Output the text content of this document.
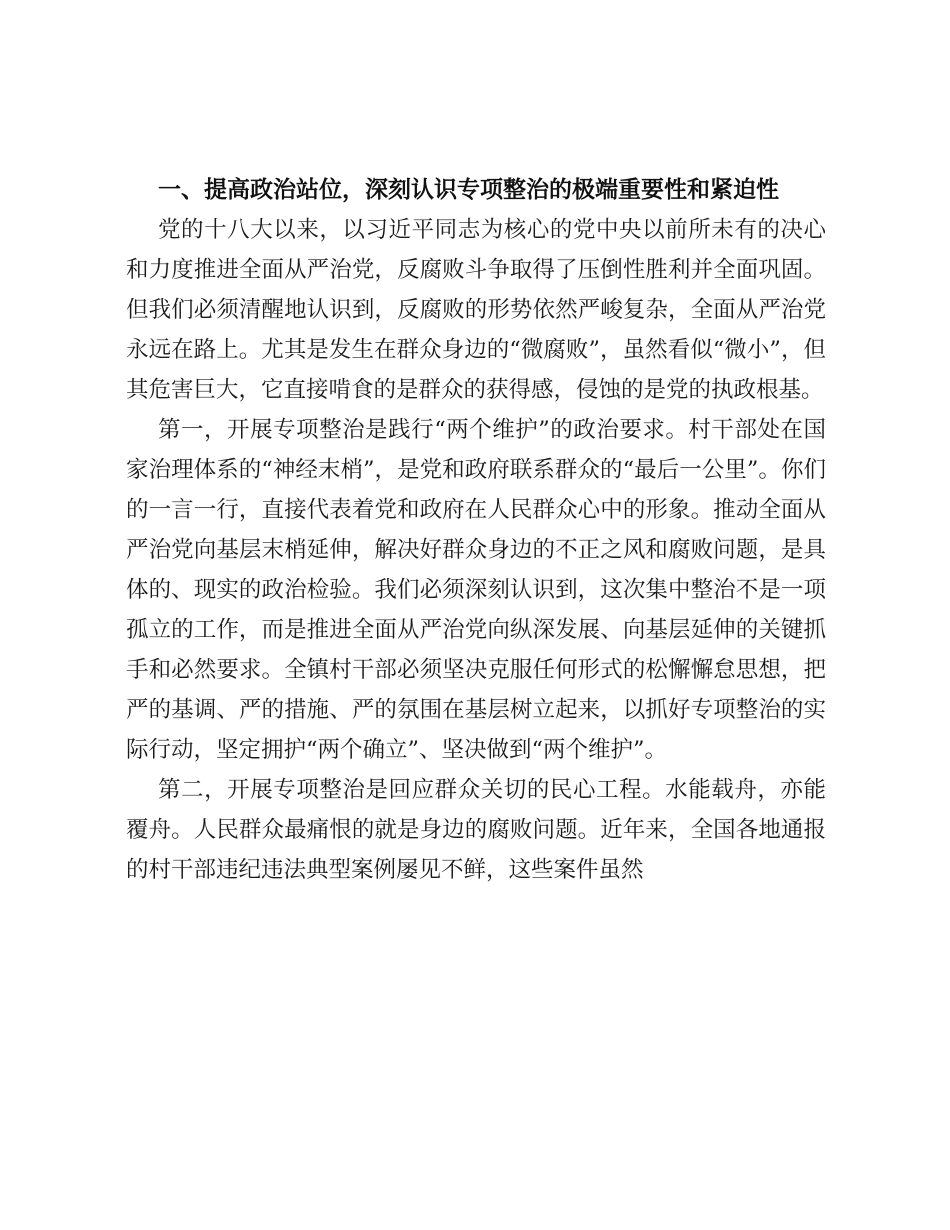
一、提高政治站位，深刻认识专项整治的极端重要性和紧迫性

党的十八大以来，以习近平同志为核心的党中央以前所未有的决心和力度推进全面从严治党，反腐败斗争取得了压倒性胜利并全面巩固。但我们必须清醒地认识到，反腐败的形势依然严峻复杂，全面从严治党永远在路上。尤其是发生在群众身边的“微腐败”，虽然看似“微小”，但其危害巨大，它直接啃食的是群众的获得感，侵蚀的是党的执政根基。

第一，开展专项整治是践行“两个维护”的政治要求。村干部处在国家治理体系的“神经末梢”，是党和政府联系群众的“最后一公里”。你们的一言一行，直接代表着党和政府在人民群众心中的形象。推动全面从严治党向基层末梢延伸，解决好群众身边的不正之风和腐败问题，是具体的、现实的政治检验。我们必须深刻认识到，这次集中整治不是一项孤立的工作，而是推进全面从严治党向纵深发展、向基层延伸的关键抓手和必然要求。全镇村干部必须坚决克服任何形式的松懈懈怠思想，把严的基调、严的措施、严的氛围在基层树立起来，以抓好专项整治的实际行动，坚定拥护“两个确立”、坚决做到“两个维护”。

第二，开展专项整治是回应群众关切的民心工程。水能载舟，亦能覆舟。人民群众最痛恨的就是身边的腐败问题。近年来，全国各地通报的村干部违纪违法典型案例屡见不鲜，这些案件虽然
